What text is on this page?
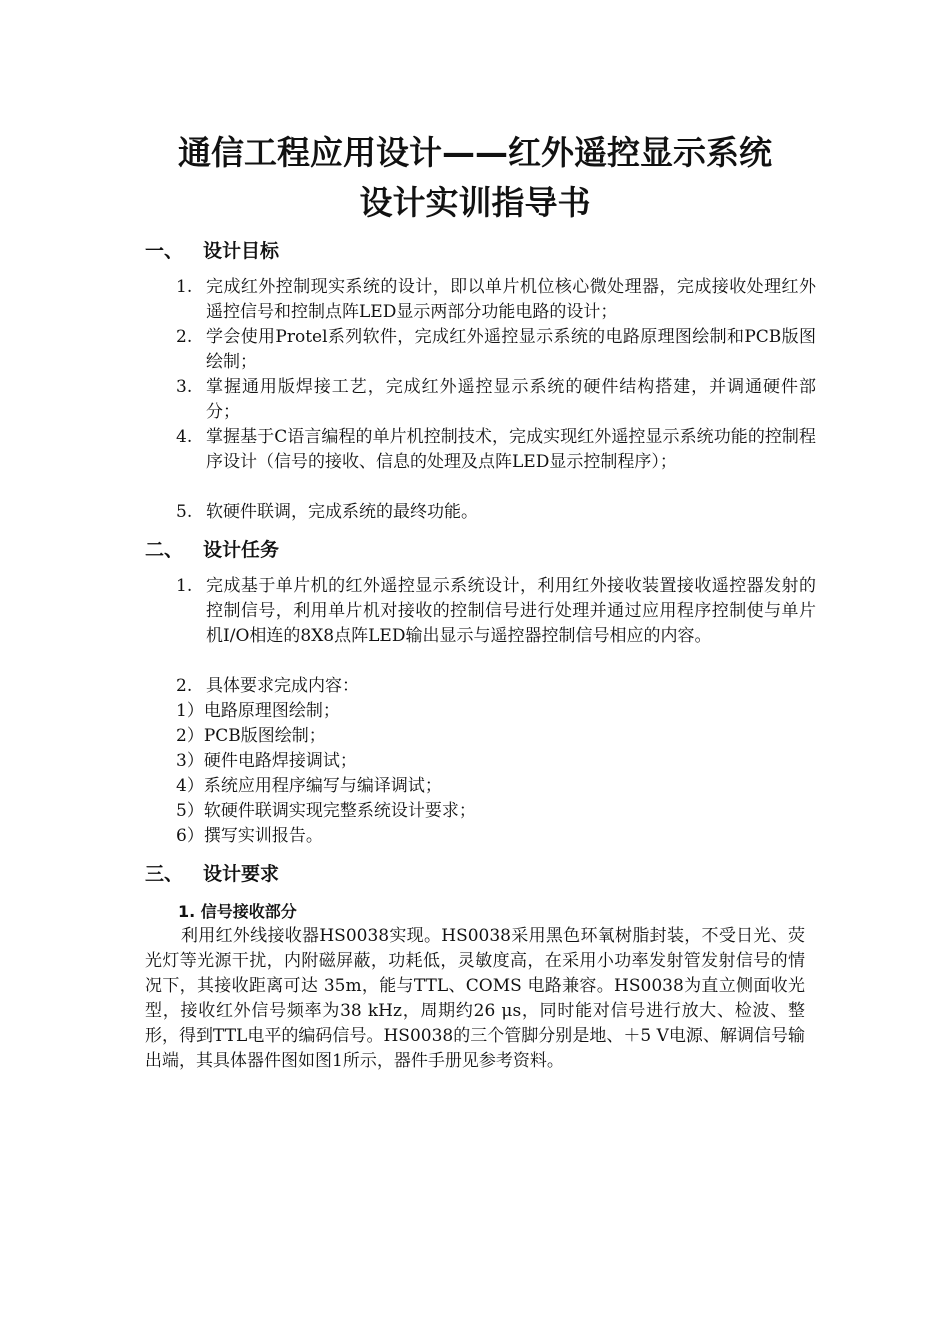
通信工程应用设计——红外遥控显示系统
设计实训指导书
一、 设计目标
1. 完成红外控制现实系统的设计，即以单片机位核心微处理器，完成接收处理红外遥控信号和控制点阵LED显示两部分功能电路的设计；
2. 学会使用Protel系列软件，完成红外遥控显示系统的电路原理图绘制和PCB版图绘制；
3. 掌握通用版焊接工艺，完成红外遥控显示系统的硬件结构搭建，并调通硬件部分；
4. 掌握基于C语言编程的单片机控制技术，完成实现红外遥控显示系统功能的控制程序设计（信号的接收、信息的处理及点阵LED显示控制程序）；
5. 软硬件联调，完成系统的最终功能。
二、 设计任务
1. 完成基于单片机的红外遥控显示系统设计，利用红外接收装置接收遥控器发射的控制信号，利用单片机对接收的控制信号进行处理并通过应用程序控制使与单片机I/O相连的8X8点阵LED输出显示与遥控器控制信号相应的内容。
2. 具体要求完成内容：
1）电路原理图绘制；
2）PCB版图绘制；
3）硬件电路焊接调试；
4）系统应用程序编写与编译调试；
5）软硬件联调实现完整系统设计要求；
6）撰写实训报告。
三、 设计要求
1. 信号接收部分
利用红外线接收器HS0038实现。HS0038采用黑色环氧树脂封装，不受日光、荧光灯等光源干扰，内附磁屏蔽，功耗低，灵敏度高，在采用小功率发射管发射信号的情况下，其接收距离可达 35m，能与TTL、COMS 电路兼容。HS0038为直立侧面收光型，接收红外信号频率为38 kHz，周期约26 μs，同时能对信号进行放大、检波、整形，得到TTL电平的编码信号。HS0038的三个管脚分别是地、＋5 V电源、解调信号输出端，其具体器件图如图1所示，器件手册见参考资料。
